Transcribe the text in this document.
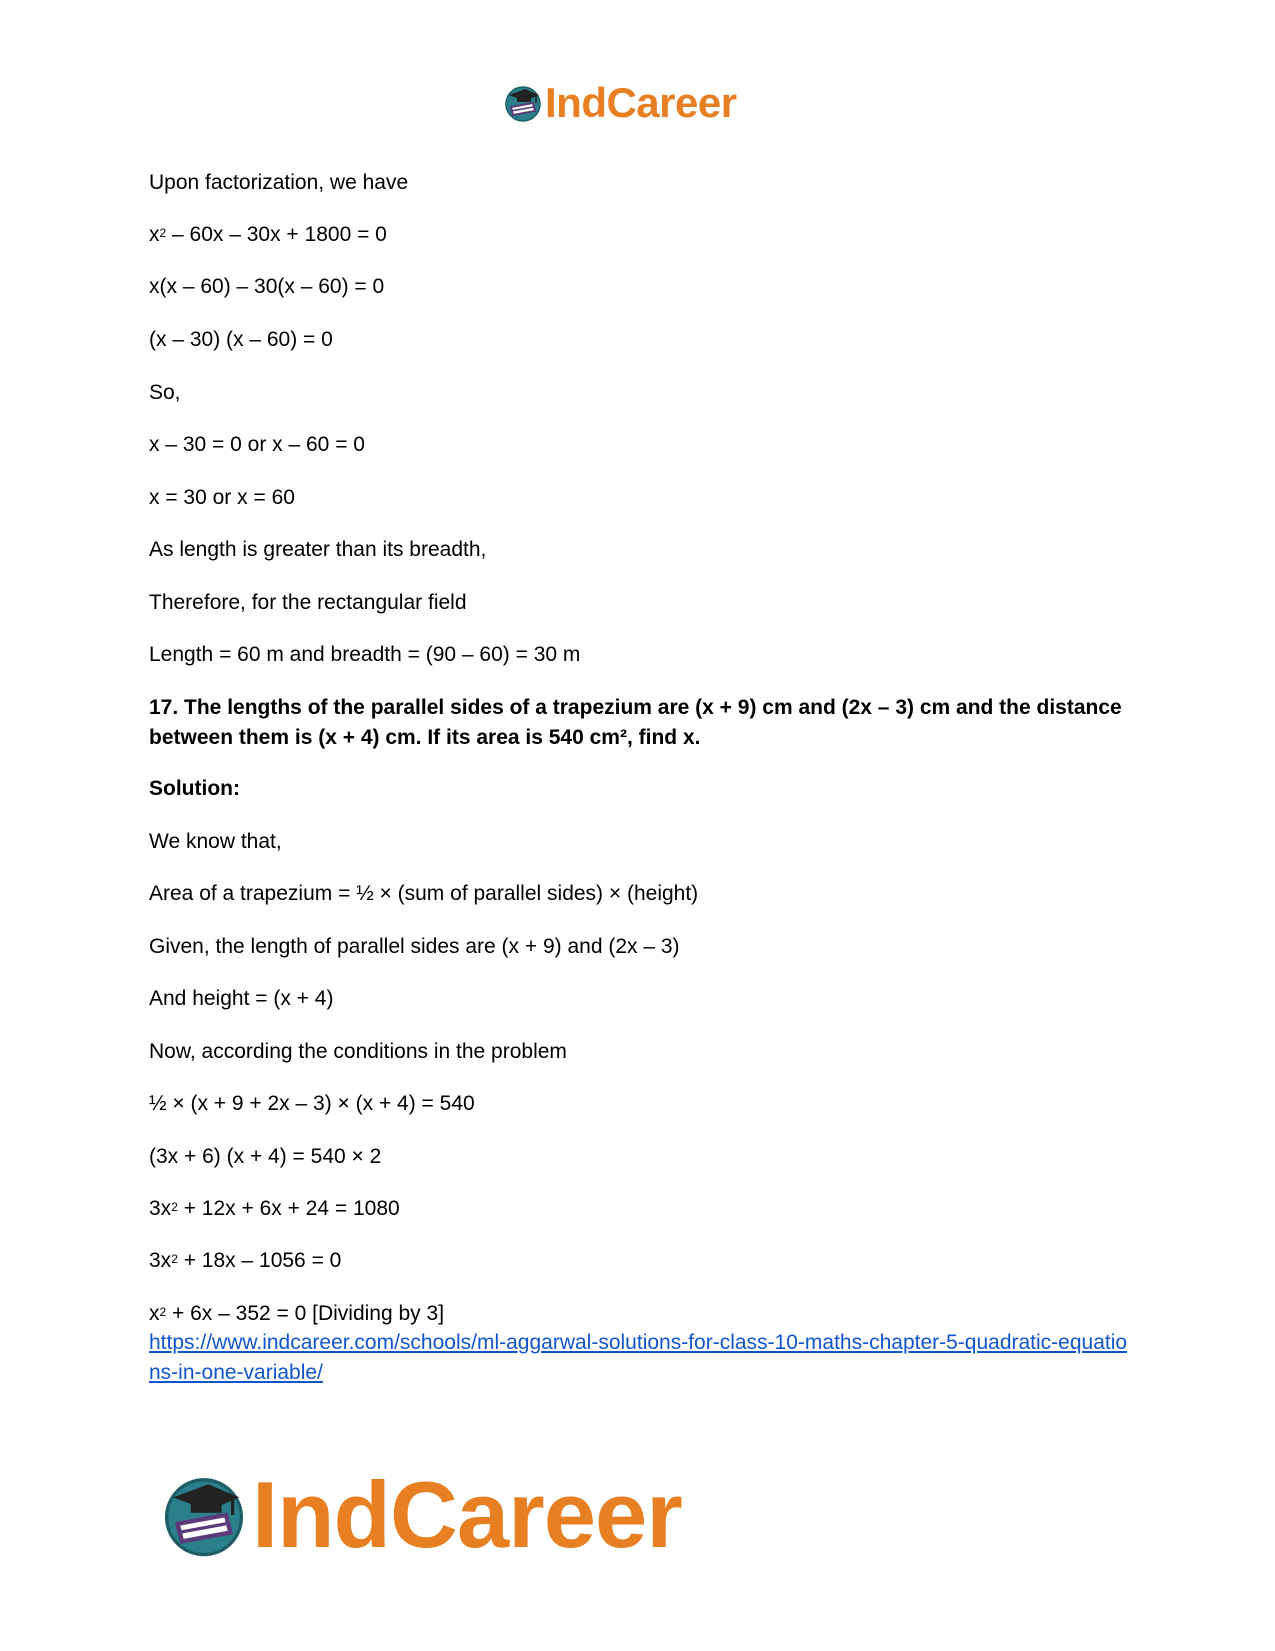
IndCareer
Upon factorization, we have
$x^2 - 60x - 30x + 1800 = 0$
x(x – 60) – 30(x – 60) = 0
(x – 30) (x – 60) = 0
So,
x – 30 = 0 or x – 60 = 0
x = 30 or x = 60
As length is greater than its breadth,
Therefore, for the rectangular field
Length = 60 m and breadth = (90 – 60) = 30 m
17. The lengths of the parallel sides of a trapezium are (x + 9) cm and (2x – 3) cm and the distance between them is (x + 4) cm. If its area is 540 cm², find x.
Solution:
We know that,
Area of a trapezium = ½ × (sum of parallel sides) × (height)
Given, the length of parallel sides are (x + 9) and (2x – 3)
And height = (x + 4)
Now, according the conditions in the problem
½ × (x + 9 + 2x – 3) × (x + 4) = 540
(3x + 6) (x + 4) = 540 × 2
$3x^2 + 12x + 6x + 24 = 1080$
$3x^2 + 18x - 1056 = 0$
$x^2 + 6x - 352 = 0$ [Dividing by 3]
https://www.indcareer.com/schools/ml-aggarwal-solutions-for-class-10-maths-chapter-5-quadratic-equations-in-one-variable/
IndCareer
